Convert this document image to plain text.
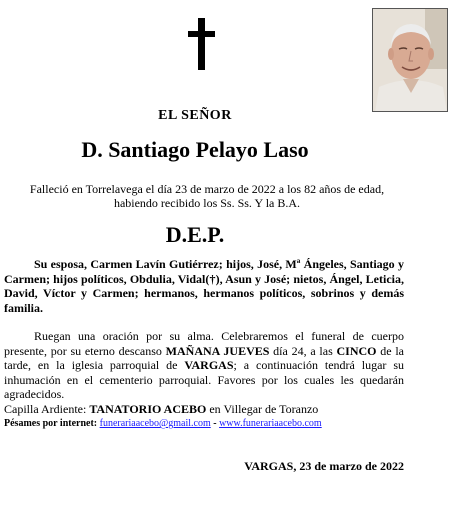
EL SEÑOR
D. Santiago Pelayo Laso
Falleció en Torrelavega el día 23 de marzo de 2022 a los 82 años de edad,
habiendo recibido los Ss. Ss. Y la B.A.
D.E.P.
Su esposa, Carmen Lavín Gutiérrez; hijos, José, Mª Ángeles, Santiago y Carmen; hijos políticos, Obdulia, Vidal(†), Asun y José; nietos, Ángel, Leticia, David, Víctor y Carmen; hermanos, hermanos políticos, sobrinos y demás familia.
Ruegan una oración por su alma. Celebraremos el funeral de cuerpo presente, por su eterno descanso MAÑANA JUEVES día 24, a las CINCO de la tarde, en la iglesia parroquial de VARGAS; a continuación tendrá lugar su inhumación en el cementerio parroquial. Favores por los cuales les quedarán agradecidos.
Capilla Ardiente: TANATORIO ACEBO en Villegar de Toranzo
Pésames por internet: funerariaacebo@gmail.com - www.funerariaacebo.com
VARGAS, 23 de marzo de 2022
